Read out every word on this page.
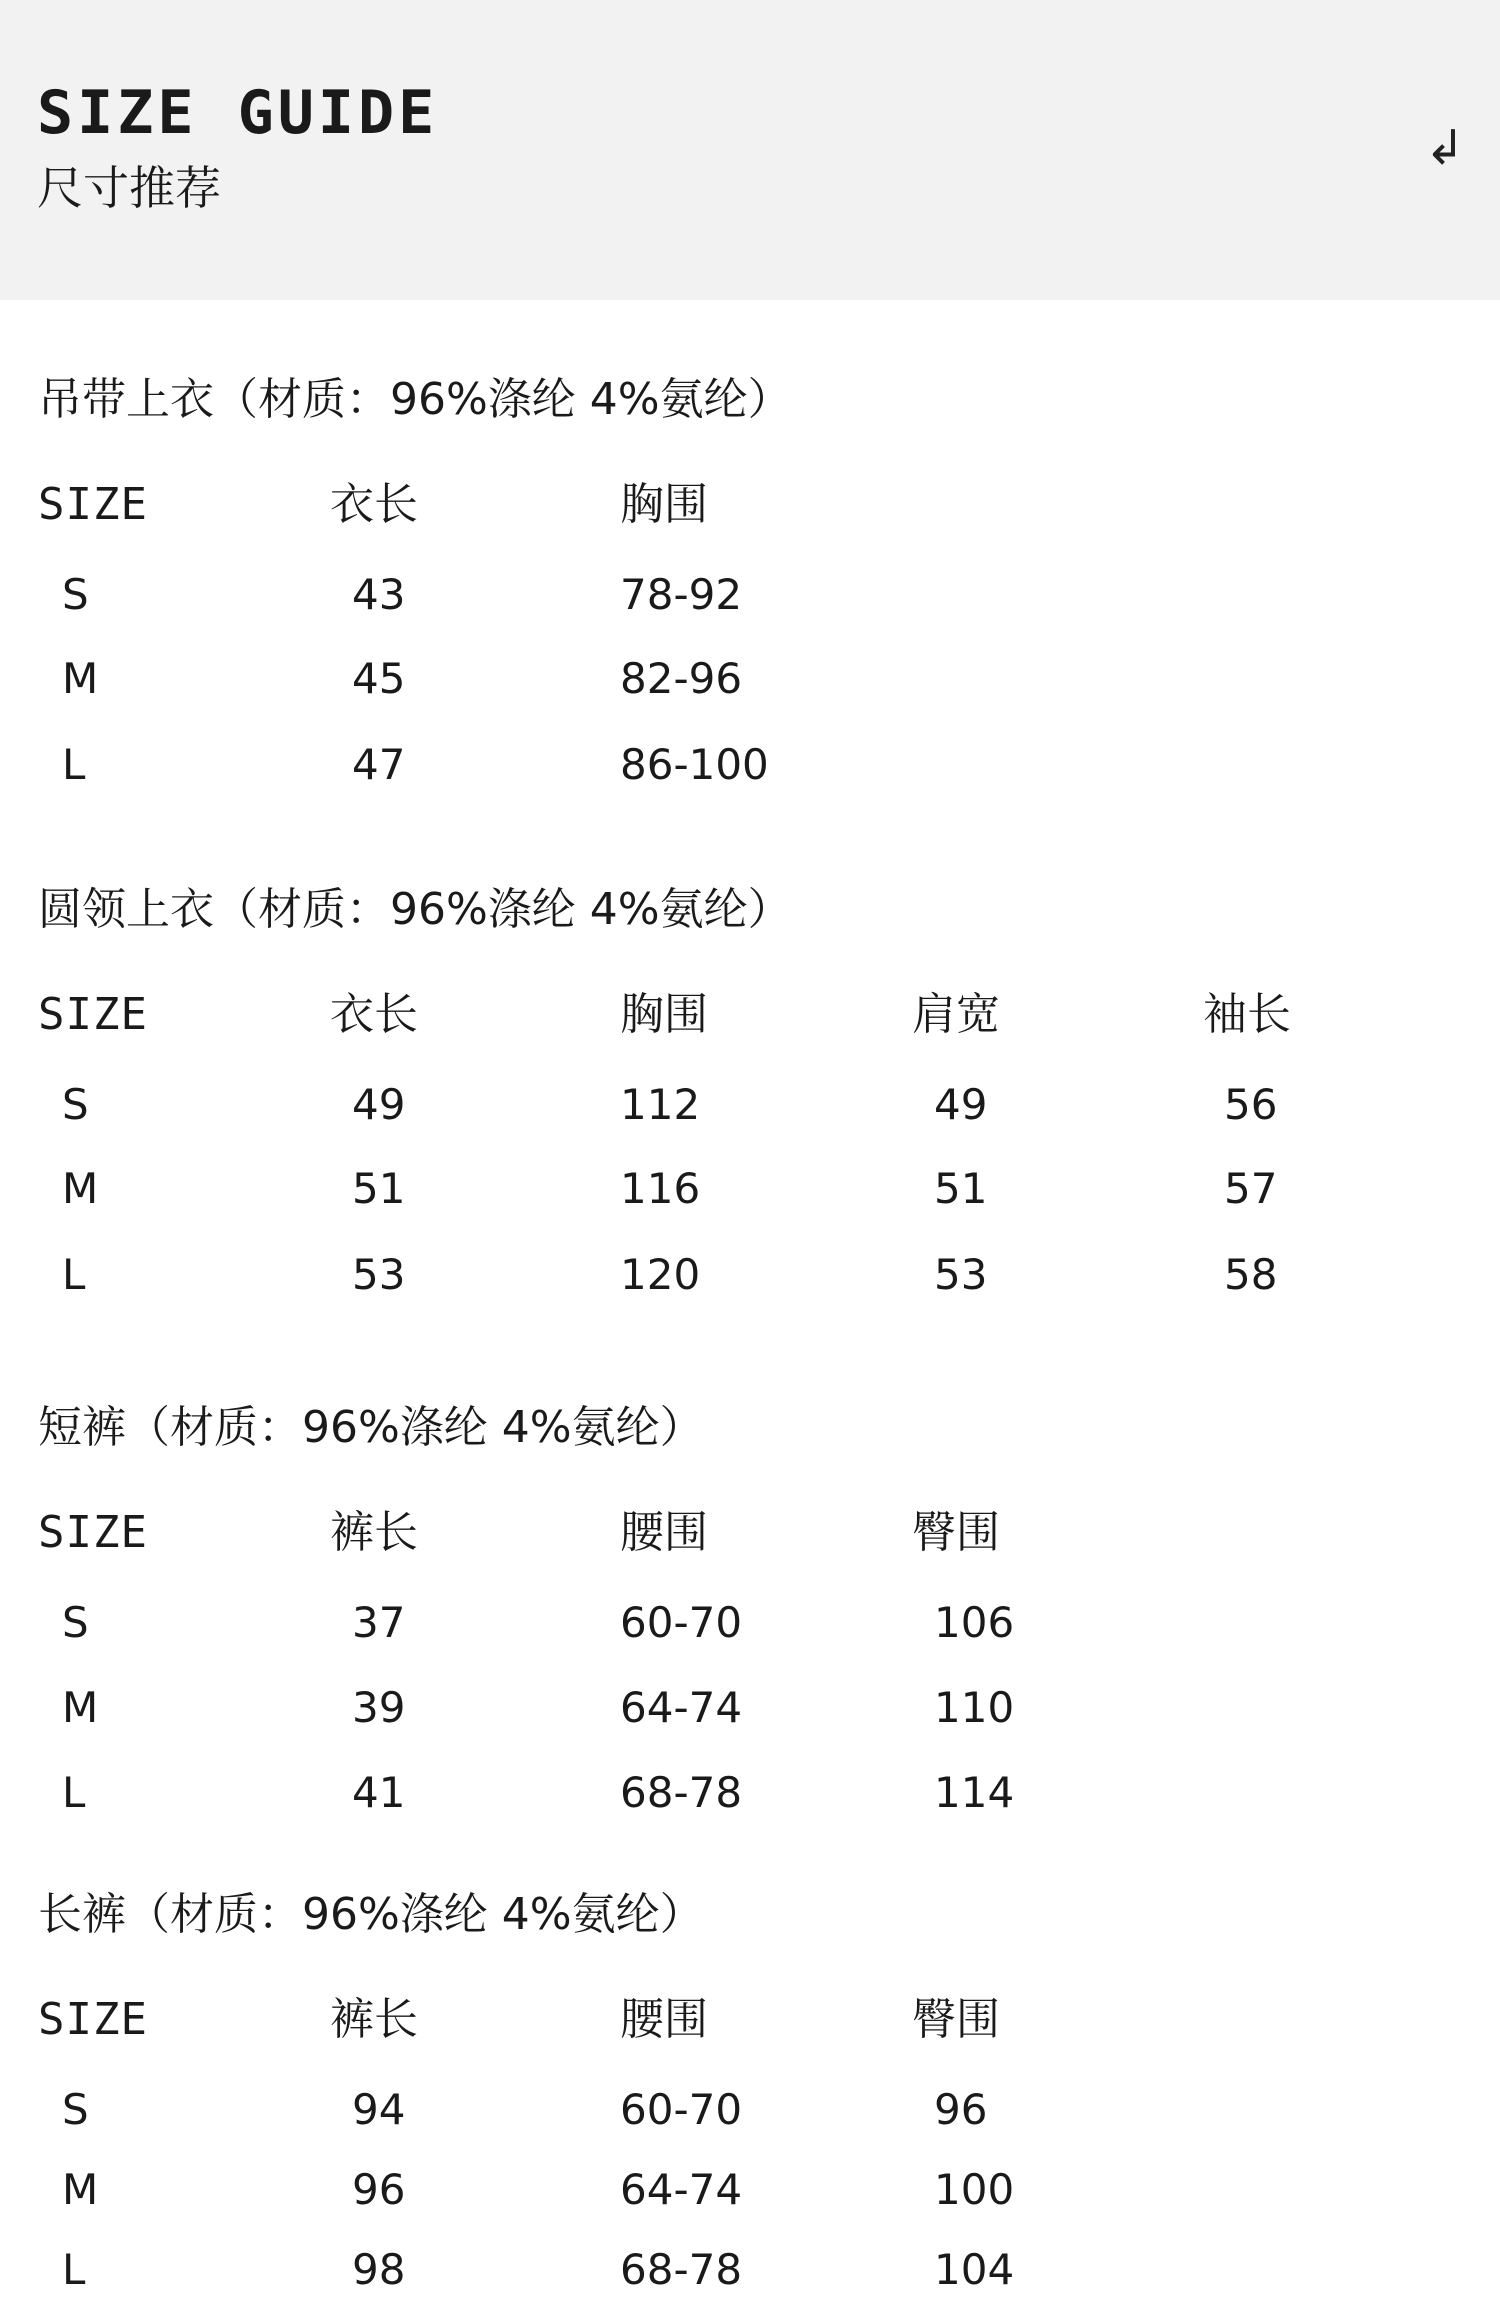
SIZE GUIDE
尺寸推荐
↲
吊带上衣（材质：96%涤纶 4%氨纶）
SIZE	衣长	胸围
S	43	78-92
M	45	82-96
L	47	86-100
圆领上衣（材质：96%涤纶 4%氨纶）
SIZE	衣长	胸围	肩宽	袖长
S	49	112	49	56
M	51	116	51	57
L	53	120	53	58
短裤（材质：96%涤纶 4%氨纶）
SIZE	裤长	腰围	臀围
S	37	60-70	106
M	39	64-74	110
L	41	68-78	114
长裤（材质：96%涤纶 4%氨纶）
SIZE	裤长	腰围	臀围
S	94	60-70	96
M	96	64-74	100
L	98	68-78	104
